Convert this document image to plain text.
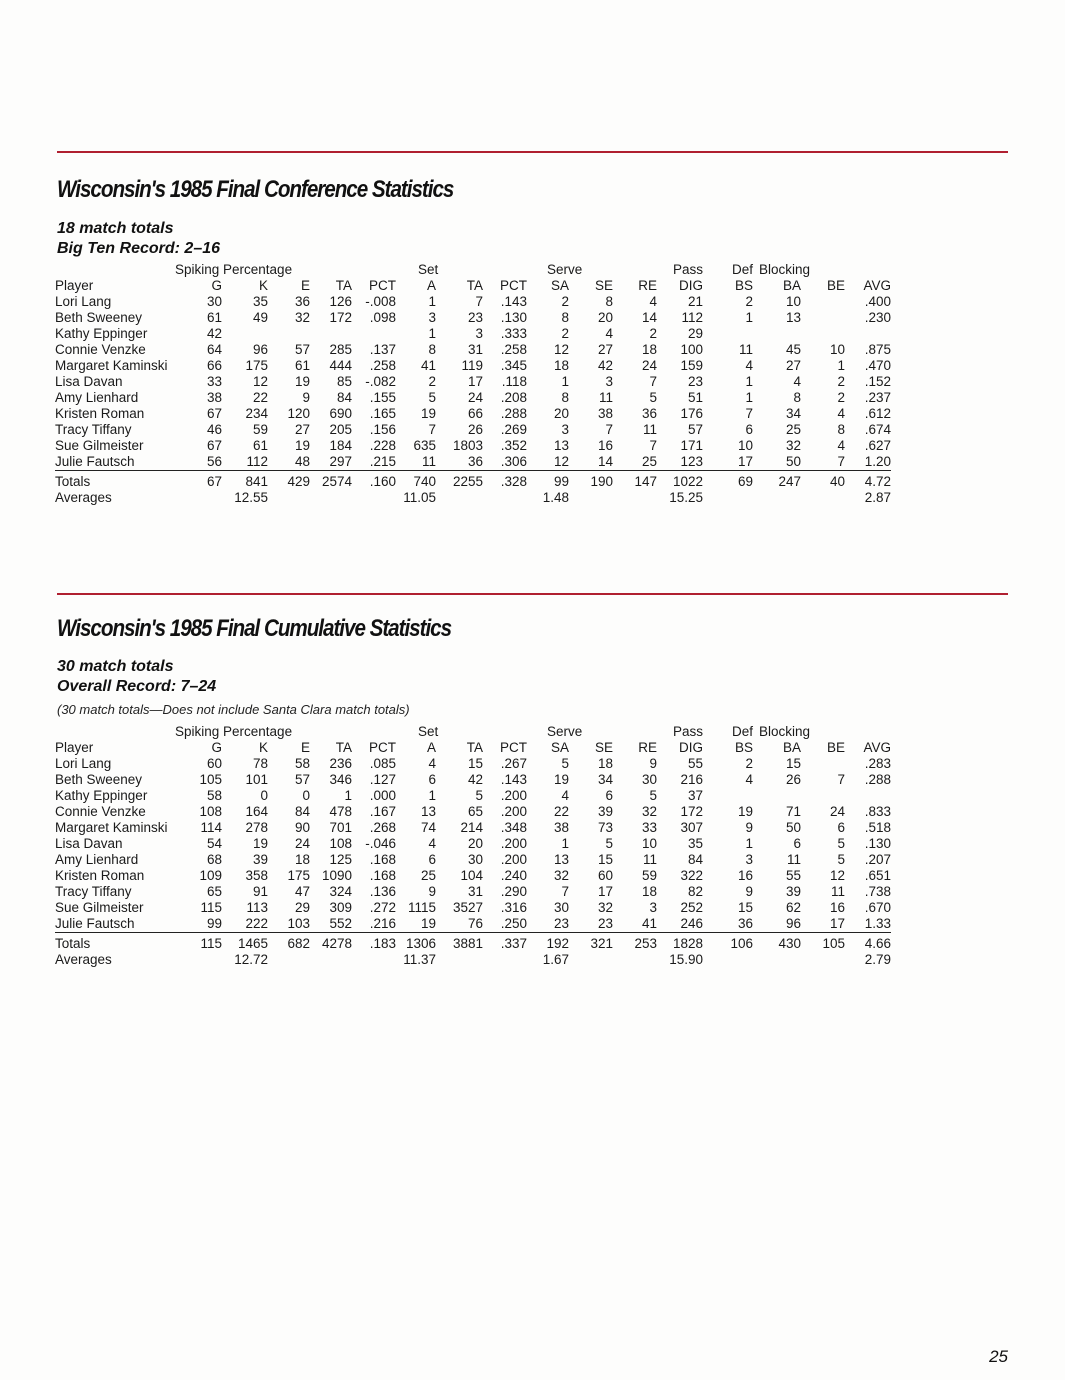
Wisconsin's 1985 Final Conference Statistics
18 match totals
Big Ten Record: 2–16
	Spiking Percentage	Set	Serve	Pass	Def	Blocking
Player	G	K	E	TA	PCT	A	TA	PCT	SA	SE	RE	DIG	BS	BA	BE	AVG
Lori Lang	30	35	36	126	-.008	1	7	.143	2	8	4	21	2	10		.400
Beth Sweeney	61	49	32	172	.098	3	23	.130	8	20	14	112	1	13		.230
Kathy Eppinger	42					1	3	.333	2	4	2	29				
Connie Venzke	64	96	57	285	.137	8	31	.258	12	27	18	100	11	45	10	.875
Margaret Kaminski	66	175	61	444	.258	41	119	.345	18	42	24	159	4	27	1	.470
Lisa Davan	33	12	19	85	-.082	2	17	.118	1	3	7	23	1	4	2	.152
Amy Lienhard	38	22	9	84	.155	5	24	.208	8	11	5	51	1	8	2	.237
Kristen Roman	67	234	120	690	.165	19	66	.288	20	38	36	176	7	34	4	.612
Tracy Tiffany	46	59	27	205	.156	7	26	.269	3	7	11	57	6	25	8	.674
Sue Gilmeister	67	61	19	184	.228	635	1803	.352	13	16	7	171	10	32	4	.627
Julie Fautsch	56	112	48	297	.215	11	36	.306	12	14	25	123	17	50	7	1.20
Totals	67	841	429	2574	.160	740	2255	.328	99	190	147	1022	69	247	40	4.72
Averages		12.55				11.05			1.48			15.25				2.87
Wisconsin's 1985 Final Cumulative Statistics
30 match totals
Overall Record: 7–24
(30 match totals—Does not include Santa Clara match totals)
	Spiking Percentage	Set	Serve	Pass	Def	Blocking
Player	G	K	E	TA	PCT	A	TA	PCT	SA	SE	RE	DIG	BS	BA	BE	AVG
Lori Lang	60	78	58	236	.085	4	15	.267	5	18	9	55	2	15		.283
Beth Sweeney	105	101	57	346	.127	6	42	.143	19	34	30	216	4	26	7	.288
Kathy Eppinger	58	0	0	1	.000	1	5	.200	4	6	5	37				
Connie Venzke	108	164	84	478	.167	13	65	.200	22	39	32	172	19	71	24	.833
Margaret Kaminski	114	278	90	701	.268	74	214	.348	38	73	33	307	9	50	6	.518
Lisa Davan	54	19	24	108	-.046	4	20	.200	1	5	10	35	1	6	5	.130
Amy Lienhard	68	39	18	125	.168	6	30	.200	13	15	11	84	3	11	5	.207
Kristen Roman	109	358	175	1090	.168	25	104	.240	32	60	59	322	16	55	12	.651
Tracy Tiffany	65	91	47	324	.136	9	31	.290	7	17	18	82	9	39	11	.738
Sue Gilmeister	115	113	29	309	.272	1115	3527	.316	30	32	3	252	15	62	16	.670
Julie Fautsch	99	222	103	552	.216	19	76	.250	23	23	41	246	36	96	17	1.33
Totals	115	1465	682	4278	.183	1306	3881	.337	192	321	253	1828	106	430	105	4.66
Averages		12.72				11.37			1.67			15.90				2.79
25
